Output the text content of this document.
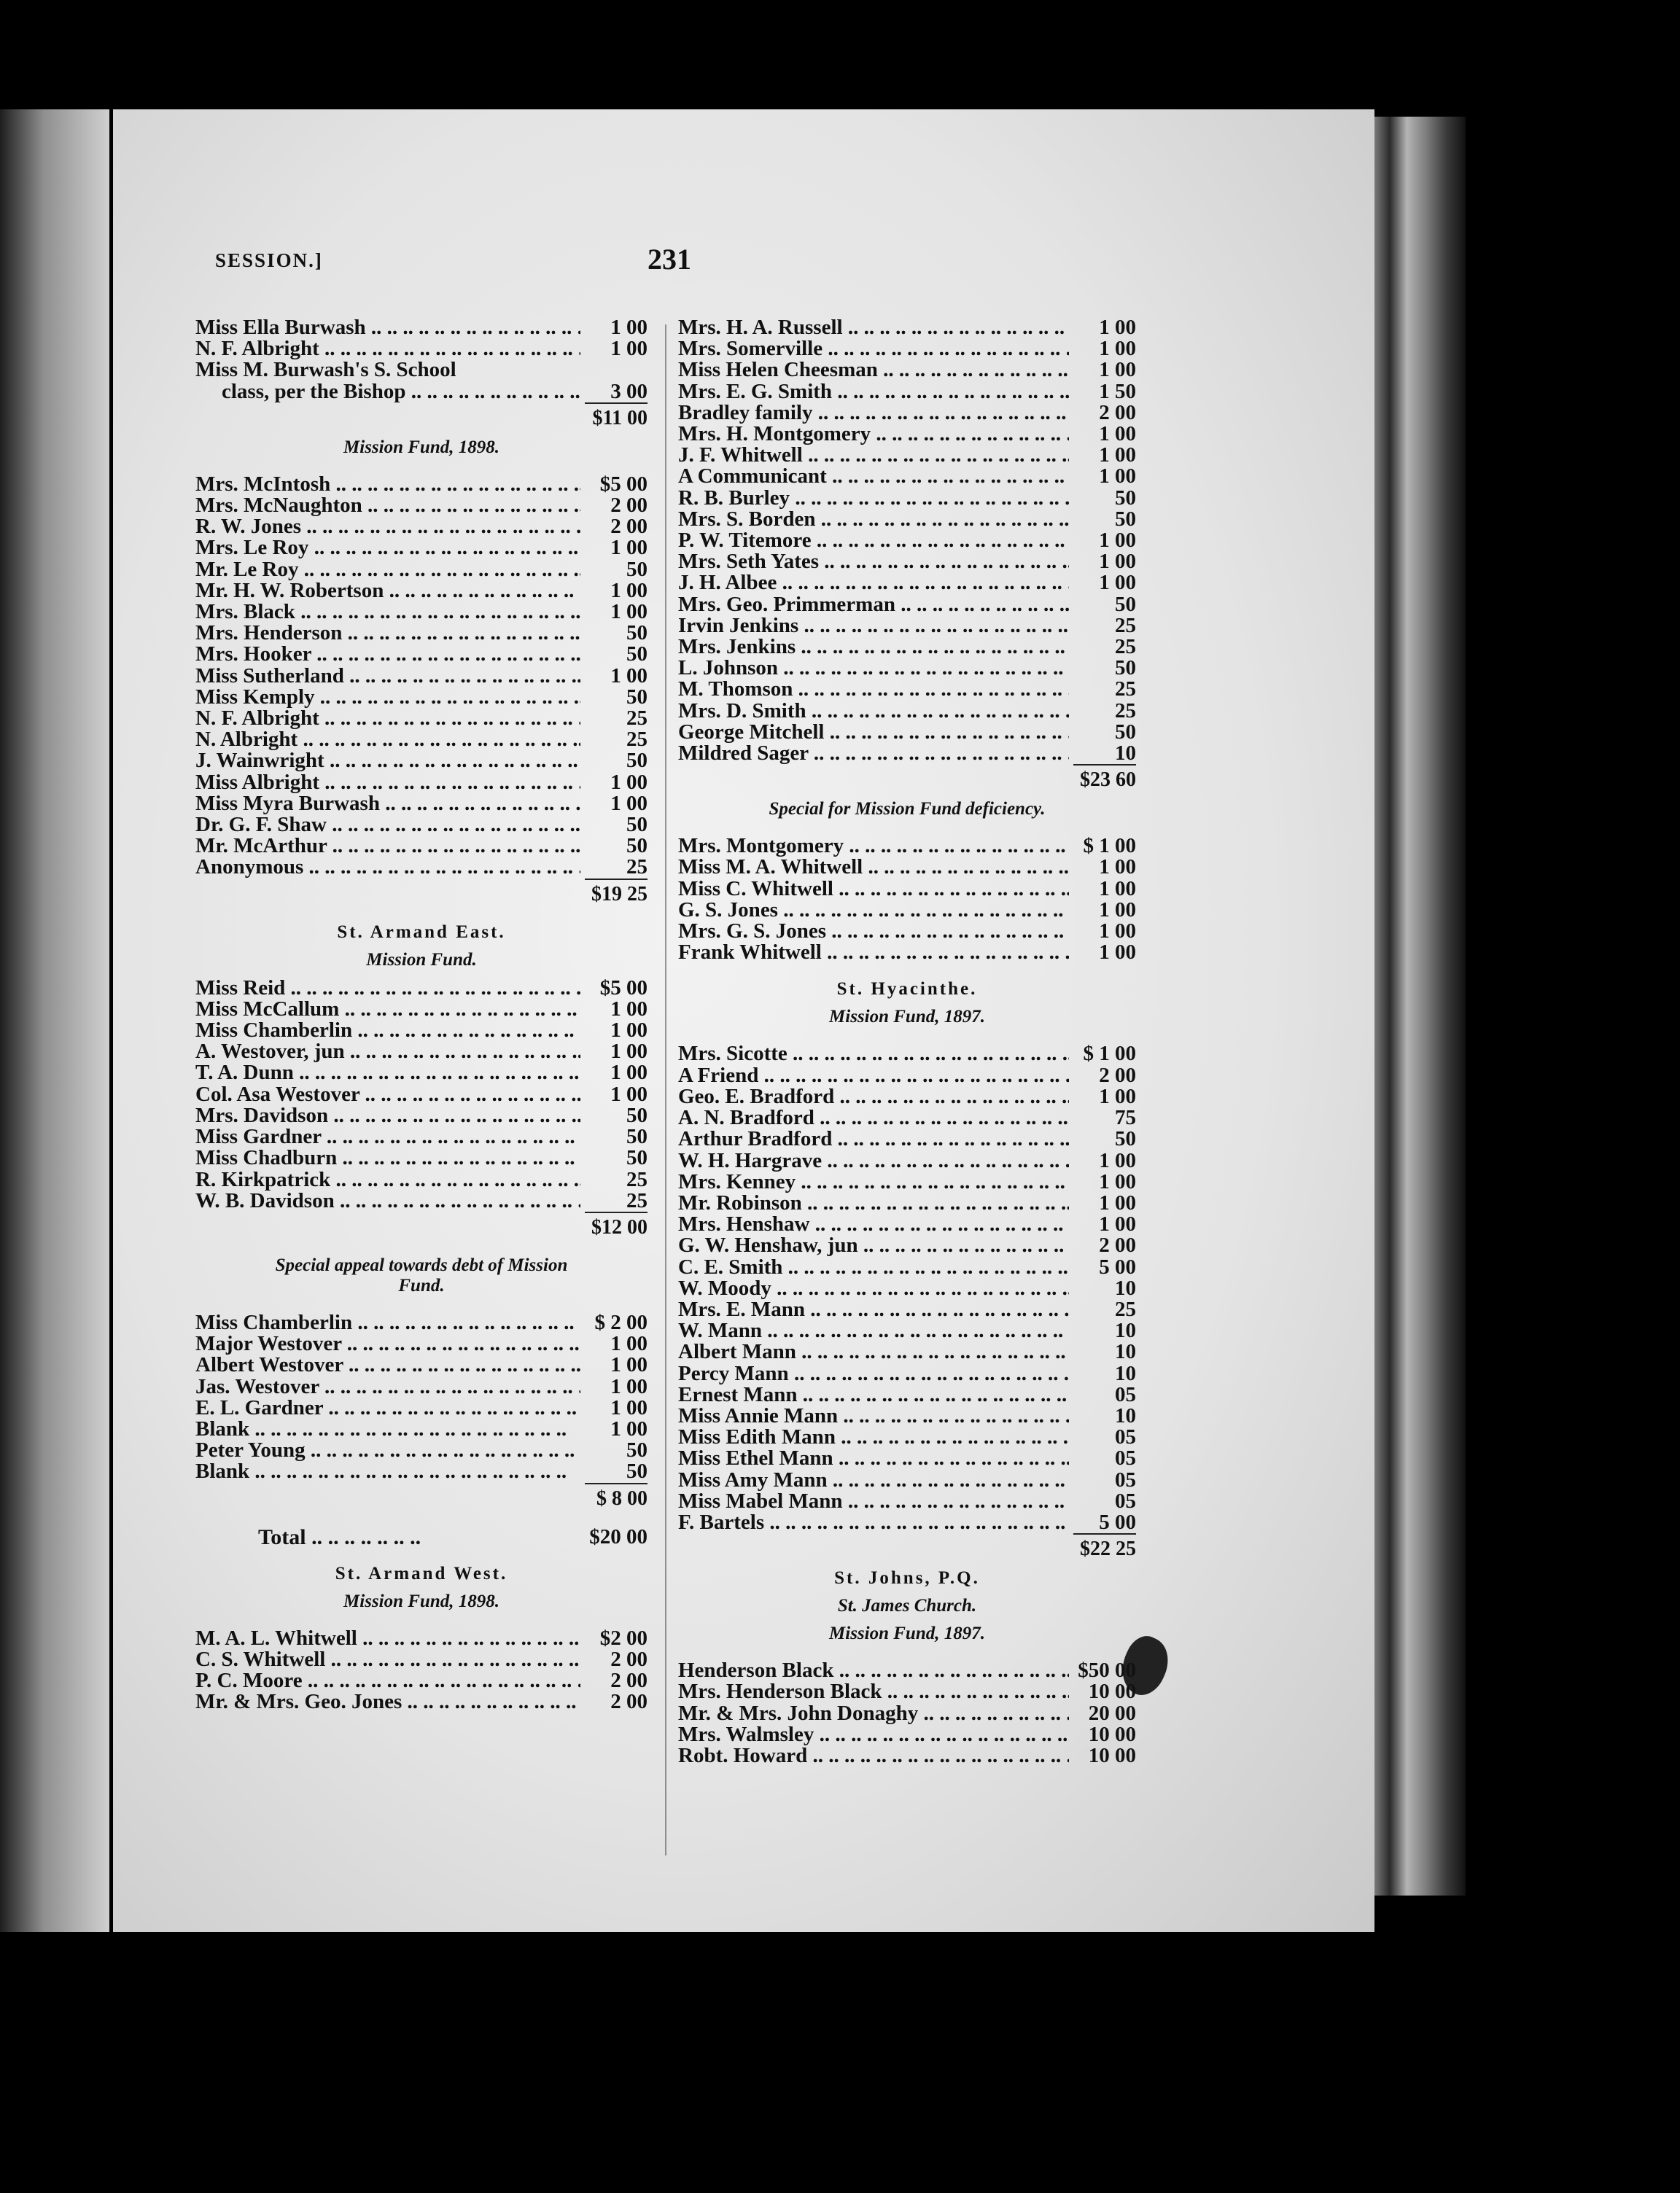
SESSION.]	231
Miss Ella Burwash .. ..	1 00
N. F. Albright .. ..	1 00
Miss M. Burwash's S. School
class, per the Bishop .. ..	3 00
$11 00
Mission Fund, 1898.
Mrs. McIntosh .. ..	$5 00
Mrs. McNaughton .. ..	2 00
R. W. Jones .. ..	2 00
Mrs. Le Roy .. ..	1 00
Mr. Le Roy .. ..	50
Mr. H. W. Robertson .. ..	1 00
Mrs. Black .. ..	1 00
Mrs. Henderson .. ..	50
Mrs. Hooker .. ..	50
Miss Sutherland .. ..	1 00
Miss Kemply .. ..	50
N. F. Albright .. ..	25
N. Albright .. ..	25
J. Wainwright .. ..	50
Miss Albright .. ..	1 00
Miss Myra Burwash .. ..	1 00
Dr. G. F. Shaw .. ..	50
Mr. McArthur .. ..	50
Anonymous .. ..	25
$19 25
St. Armand East.
Mission Fund.
Miss Reid .. ..	$5 00
Miss McCallum .. ..	1 00
Miss Chamberlin .. ..	1 00
A. Westover, jun .. ..	1 00
T. A. Dunn .. ..	1 00
Col. Asa Westover .. ..	1 00
Mrs. Davidson .. ..	50
Miss Gardner .. ..	50
Miss Chadburn .. ..	50
R. Kirkpatrick .. ..	25
W. B. Davidson .. ..	25
$12 00
Special appeal towards debt of Mission
Fund.
Miss Chamberlin .. ..	$ 2 00
Major Westover .. ..	1 00
Albert Westover .. ..	1 00
Jas. Westover .. ..	1 00
E. L. Gardner .. ..	1 00
Blank .. ..	1 00
Peter Young .. ..	50
Blank .. ..	50
$ 8 00
Total .. ..	$20 00
St. Armand West.
Mission Fund, 1898.
M. A. L. Whitwell .. ..	$2 00
C. S. Whitwell .. ..	2 00
P. C. Moore .. ..	2 00
Mr. & Mrs. Geo. Jones .. ..	2 00
Mrs. H. A. Russell .. ..	1 00
Mrs. Somerville .. ..	1 00
Miss Helen Cheesman .. ..	1 00
Mrs. E. G. Smith .. ..	1 50
Bradley family .. ..	2 00
Mrs. H. Montgomery .. ..	1 00
J. F. Whitwell .. ..	1 00
A Communicant .. ..	1 00
R. B. Burley .. ..	50
Mrs. S. Borden .. ..	50
P. W. Titemore .. ..	1 00
Mrs. Seth Yates .. ..	1 00
J. H. Albee .. ..	1 00
Mrs. Geo. Primmerman .. ..	50
Irvin Jenkins .. ..	25
Mrs. Jenkins .. ..	25
L. Johnson .. ..	50
M. Thomson .. ..	25
Mrs. D. Smith .. ..	25
George Mitchell .. ..	50
Mildred Sager .. ..	10
$23 60
Special for Mission Fund deficiency.
Mrs. Montgomery .. ..	$ 1 00
Miss M. A. Whitwell .. ..	1 00
Miss C. Whitwell .. ..	1 00
G. S. Jones .. ..	1 00
Mrs. G. S. Jones .. ..	1 00
Frank Whitwell .. ..	1 00
St. Hyacinthe.
Mission Fund, 1897.
Mrs. Sicotte .. ..	$ 1 00
A Friend .. ..	2 00
Geo. E. Bradford .. ..	1 00
A. N. Bradford .. ..	75
Arthur Bradford .. ..	50
W. H. Hargrave .. ..	1 00
Mrs. Kenney .. ..	1 00
Mr. Robinson .. ..	1 00
Mrs. Henshaw .. ..	1 00
G. W. Henshaw, jun .. ..	2 00
C. E. Smith .. ..	5 00
W. Moody .. ..	10
Mrs. E. Mann .. ..	25
W. Mann .. ..	10
Albert Mann .. ..	10
Percy Mann .. ..	10
Ernest Mann .. ..	05
Miss Annie Mann .. ..	10
Miss Edith Mann .. ..	05
Miss Ethel Mann .. ..	05
Miss Amy Mann .. ..	05
Miss Mabel Mann .. ..	05
F. Bartels .. ..	5 00
$22 25
St. Johns, P.Q.
St. James Church.
Mission Fund, 1897.
Henderson Black .. ..	$50 00
Mrs. Henderson Black .. ..	10 00
Mr. & Mrs. John Donaghy .. ..	20 00
Mrs. Walmsley .. ..	10 00
Robt. Howard .. ..	10 00
